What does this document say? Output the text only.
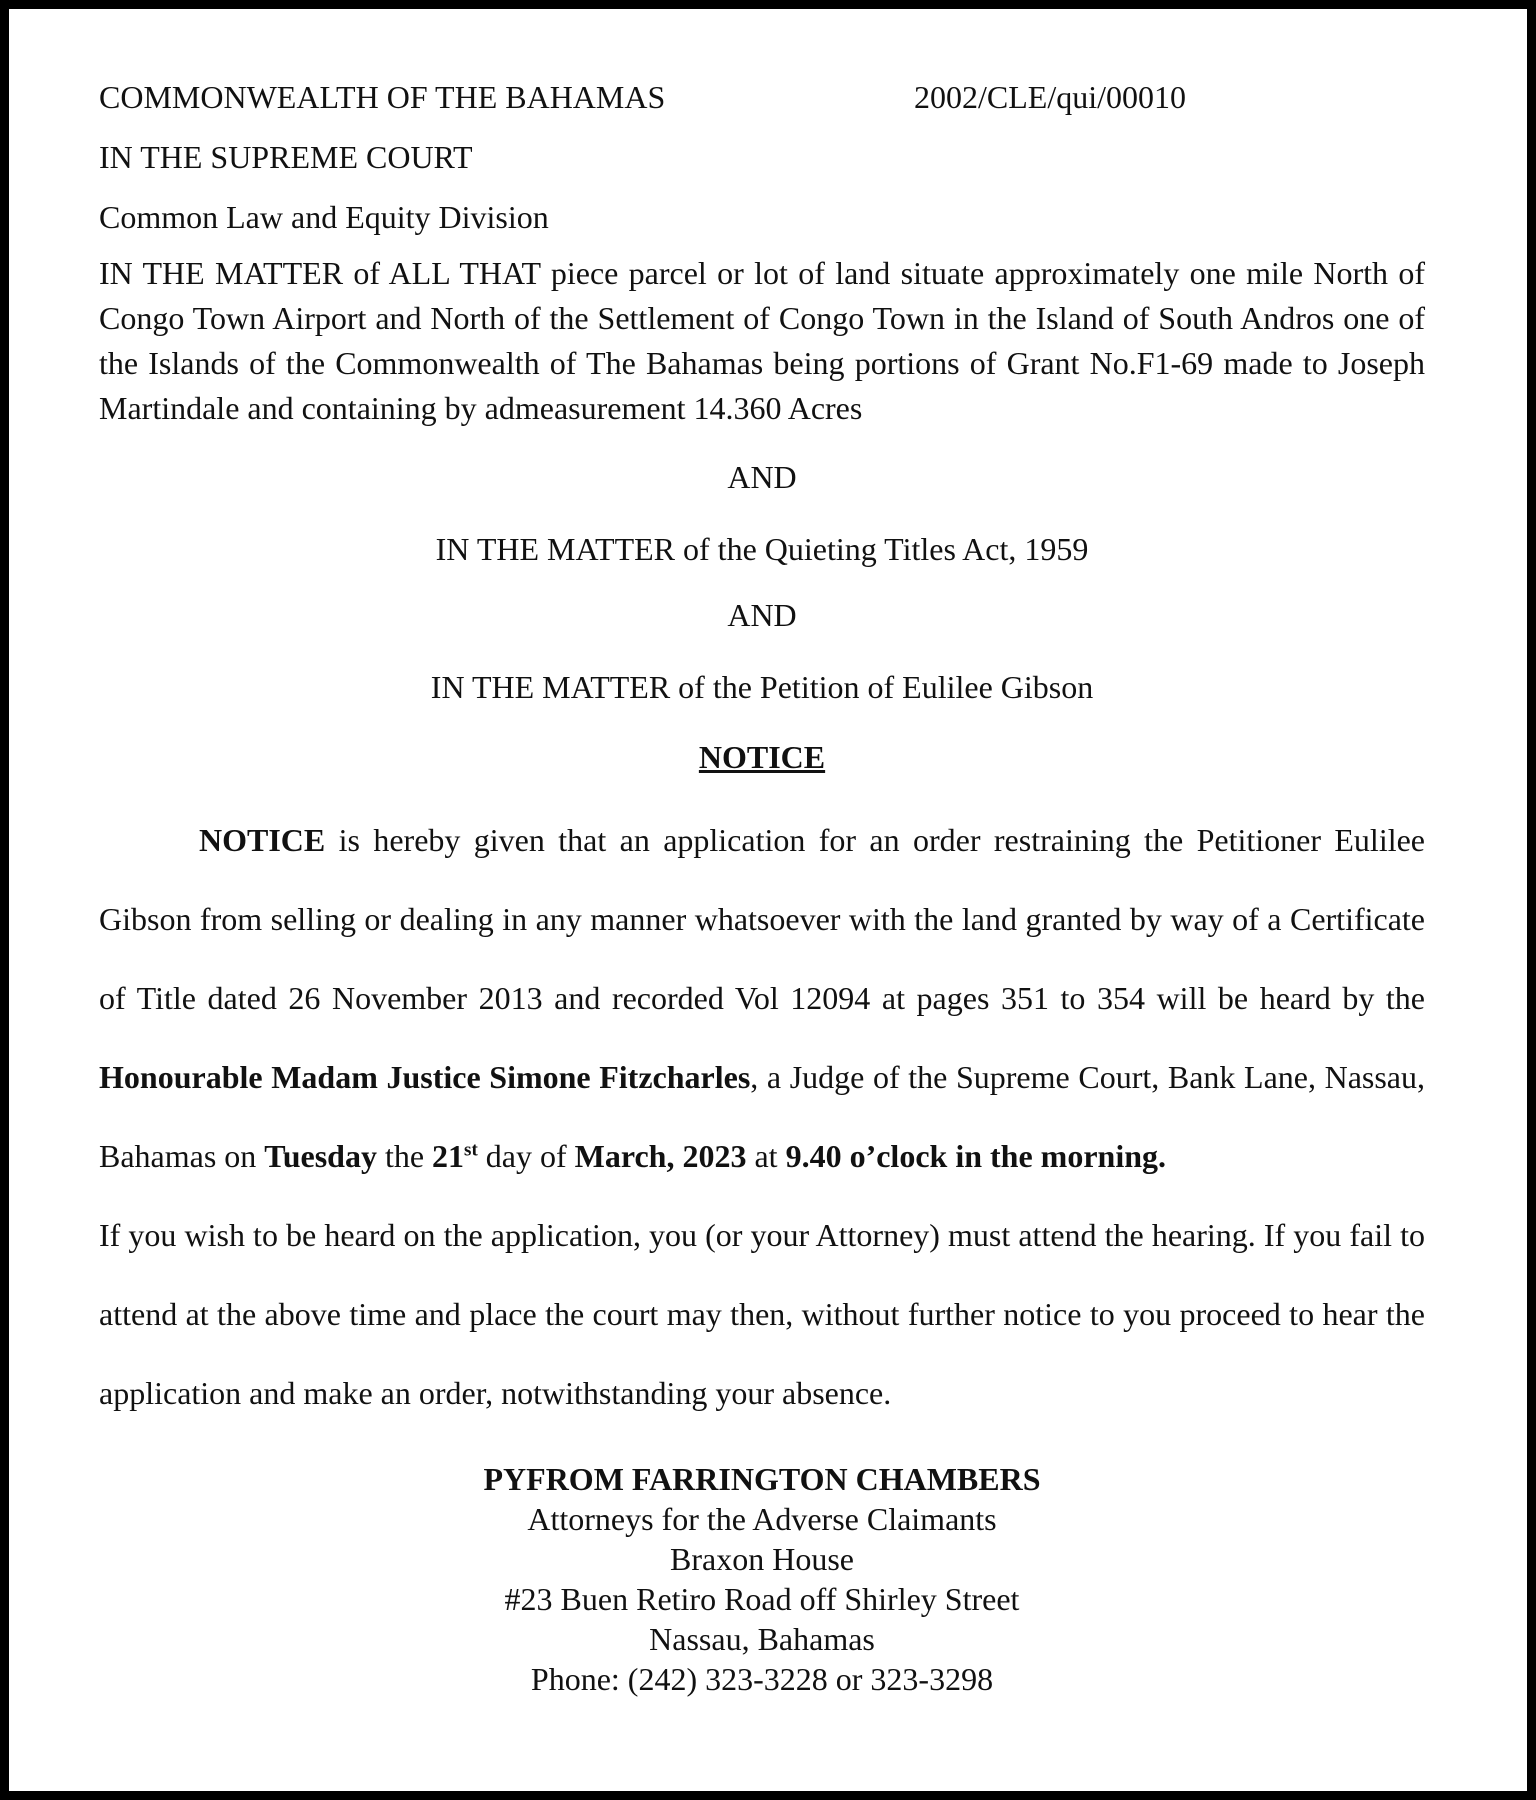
COMMONWEALTH OF THE BAHAMAS	2002/CLE/qui/00010
IN THE SUPREME COURT
Common Law and Equity Division
IN THE MATTER of ALL THAT piece parcel or lot of land situate approximately one mile North of Congo Town Airport and North of the Settlement of Congo Town in the Island of South Andros one of the Islands of the Commonwealth of The Bahamas being portions of Grant No.F1-69 made to Joseph Martindale and containing by admeasurement 14.360 Acres
AND
IN THE MATTER of the Quieting Titles Act, 1959
AND
IN THE MATTER of the Petition of Eulilee Gibson
NOTICE
NOTICE is hereby given that an application for an order restraining the Petitioner Eulilee Gibson from selling or dealing in any manner whatsoever with the land granted by way of a Certificate of Title dated 26 November 2013 and recorded Vol 12094 at pages 351 to 354 will be heard by the Honourable Madam Justice Simone Fitzcharles, a Judge of the Supreme Court, Bank Lane, Nassau, Bahamas on Tuesday the 21st day of March, 2023 at 9.40 o’clock in the morning.
If you wish to be heard on the application, you (or your Attorney) must attend the hearing. If you fail to attend at the above time and place the court may then, without further notice to you proceed to hear the application and make an order, notwithstanding your absence.
PYFROM FARRINGTON CHAMBERS
Attorneys for the Adverse Claimants
Braxon House
#23 Buen Retiro Road off Shirley Street
Nassau, Bahamas
Phone: (242) 323-3228 or 323-3298
